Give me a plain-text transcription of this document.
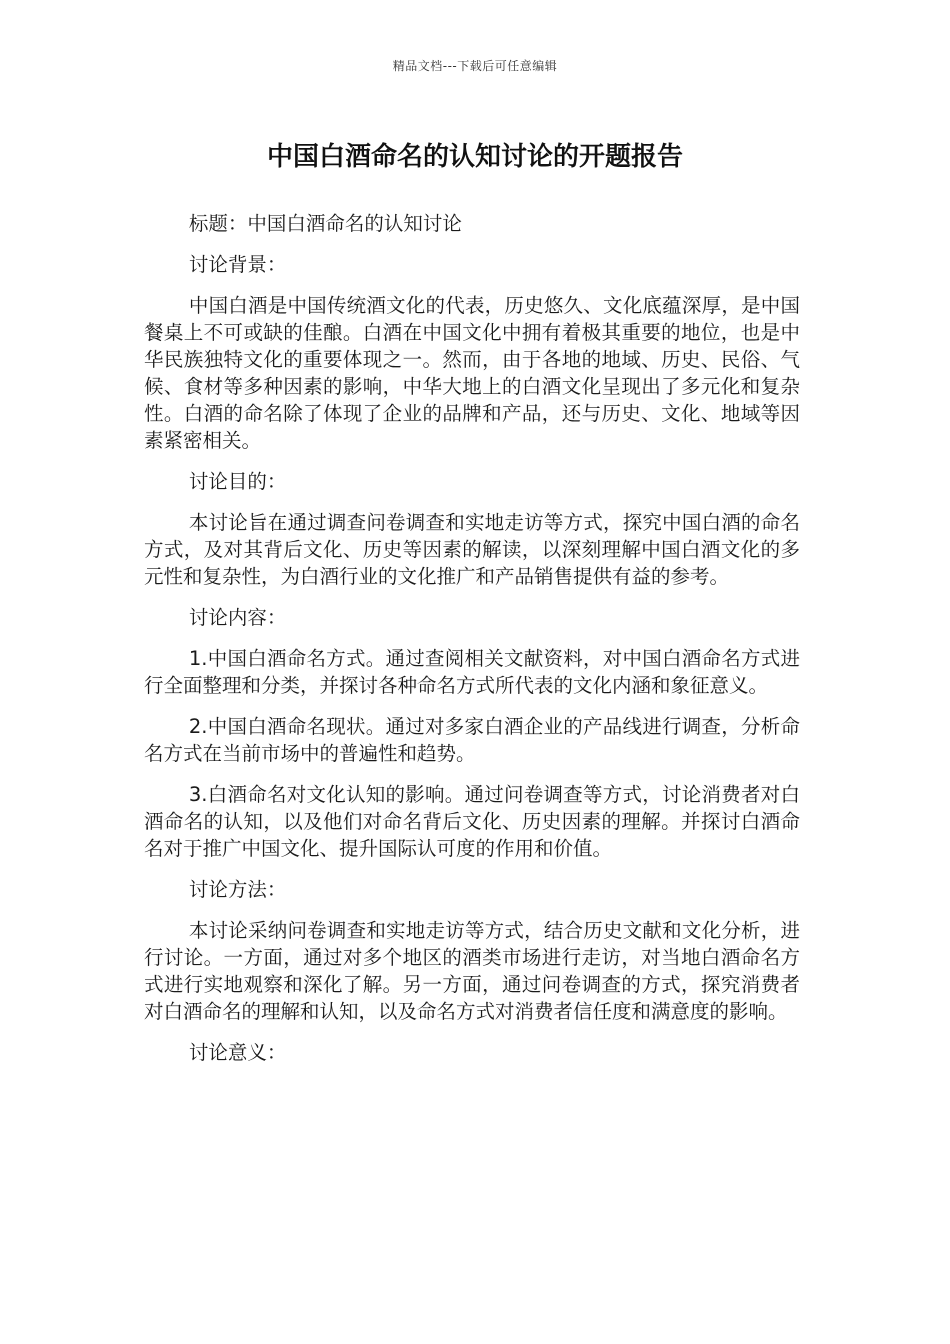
精品文档---下载后可任意编辑
中国白酒命名的认知讨论的开题报告

标题：中国白酒命名的认知讨论

讨论背景：

中国白酒是中国传统酒文化的代表，历史悠久、文化底蕴深厚，是中国餐桌上不可或缺的佳酿。白酒在中国文化中拥有着极其重要的地位，也是中华民族独特文化的重要体现之一。然而，由于各地的地域、历史、民俗、气候、食材等多种因素的影响，中华大地上的白酒文化呈现出了多元化和复杂性。白酒的命名除了体现了企业的品牌和产品，还与历史、文化、地域等因素紧密相关。

讨论目的：

本讨论旨在通过调查问卷调查和实地走访等方式，探究中国白酒的命名方式，及对其背后文化、历史等因素的解读，以深刻理解中国白酒文化的多元性和复杂性，为白酒行业的文化推广和产品销售提供有益的参考。

讨论内容：

1.中国白酒命名方式。通过查阅相关文献资料，对中国白酒命名方式进行全面整理和分类，并探讨各种命名方式所代表的文化内涵和象征意义。

2.中国白酒命名现状。通过对多家白酒企业的产品线进行调查，分析命名方式在当前市场中的普遍性和趋势。

3.白酒命名对文化认知的影响。通过问卷调查等方式，讨论消费者对白酒命名的认知，以及他们对命名背后文化、历史因素的理解。并探讨白酒命名对于推广中国文化、提升国际认可度的作用和价值。

讨论方法：

本讨论采纳问卷调查和实地走访等方式，结合历史文献和文化分析，进行讨论。一方面，通过对多个地区的酒类市场进行走访，对当地白酒命名方式进行实地观察和深化了解。另一方面，通过问卷调查的方式，探究消费者对白酒命名的理解和认知，以及命名方式对消费者信任度和满意度的影响。

讨论意义：
